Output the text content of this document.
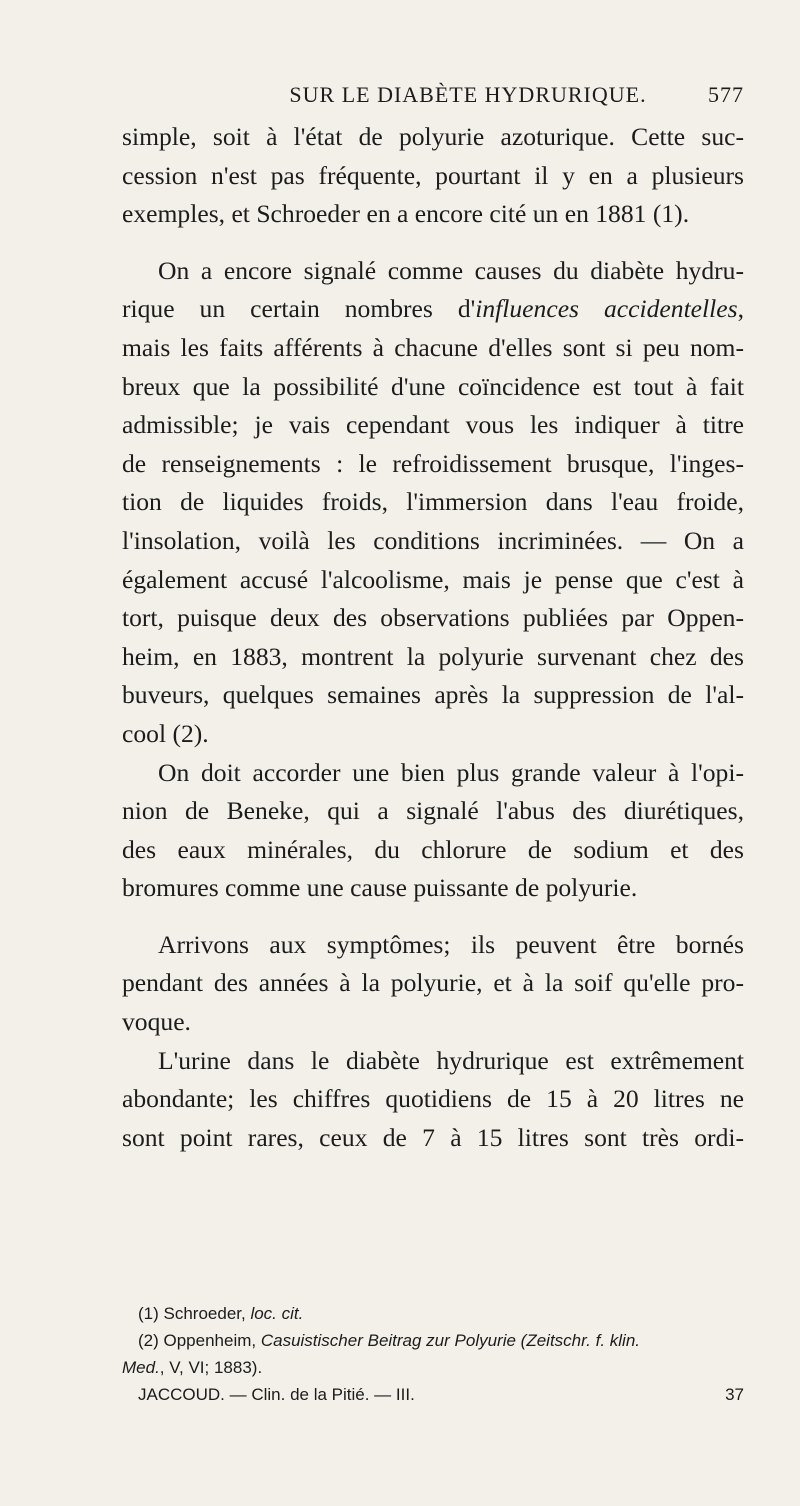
SUR LE DIABÈTE HYDRURIQUE.	577

simple, soit à l'état de polyurie azoturique. Cette suc-
cession n'est pas fréquente, pourtant il y en a plusieurs
exemples, et Schroeder en a encore cité un en 1881 (1).

On a encore signalé comme causes du diabète hydru-
rique un certain nombres d'influences accidentelles,
mais les faits afférents à chacune d'elles sont si peu nom-
breux que la possibilité d'une coïncidence est tout à fait
admissible; je vais cependant vous les indiquer à titre
de renseignements : le refroidissement brusque, l'inges-
tion de liquides froids, l'immersion dans l'eau froide,
l'insolation, voilà les conditions incriminées. — On a
également accusé l'alcoolisme, mais je pense que c'est à
tort, puisque deux des observations publiées par Oppen-
heim, en 1883, montrent la polyurie survenant chez des
buveurs, quelques semaines après la suppression de l'al-
cool (2).

On doit accorder une bien plus grande valeur à l'opi-
nion de Beneke, qui a signalé l'abus des diurétiques,
des eaux minérales, du chlorure de sodium et des
bromures comme une cause puissante de polyurie.

Arrivons aux symptômes; ils peuvent être bornés
pendant des années à la polyurie, et à la soif qu'elle pro-
voque.

L'urine dans le diabète hydrurique est extrêmement
abondante; les chiffres quotidiens de 15 à 20 litres ne
sont point rares, ceux de 7 à 15 litres sont très ordi-

(1) Schroeder, loc. cit.

(2) Oppenheim, Casuistischer Beitrag zur Polyurie (Zeitschr. f. klin.

Med., V, VI; 1883).

JACCOUD. — Clin. de la Pitié. — III.	37
